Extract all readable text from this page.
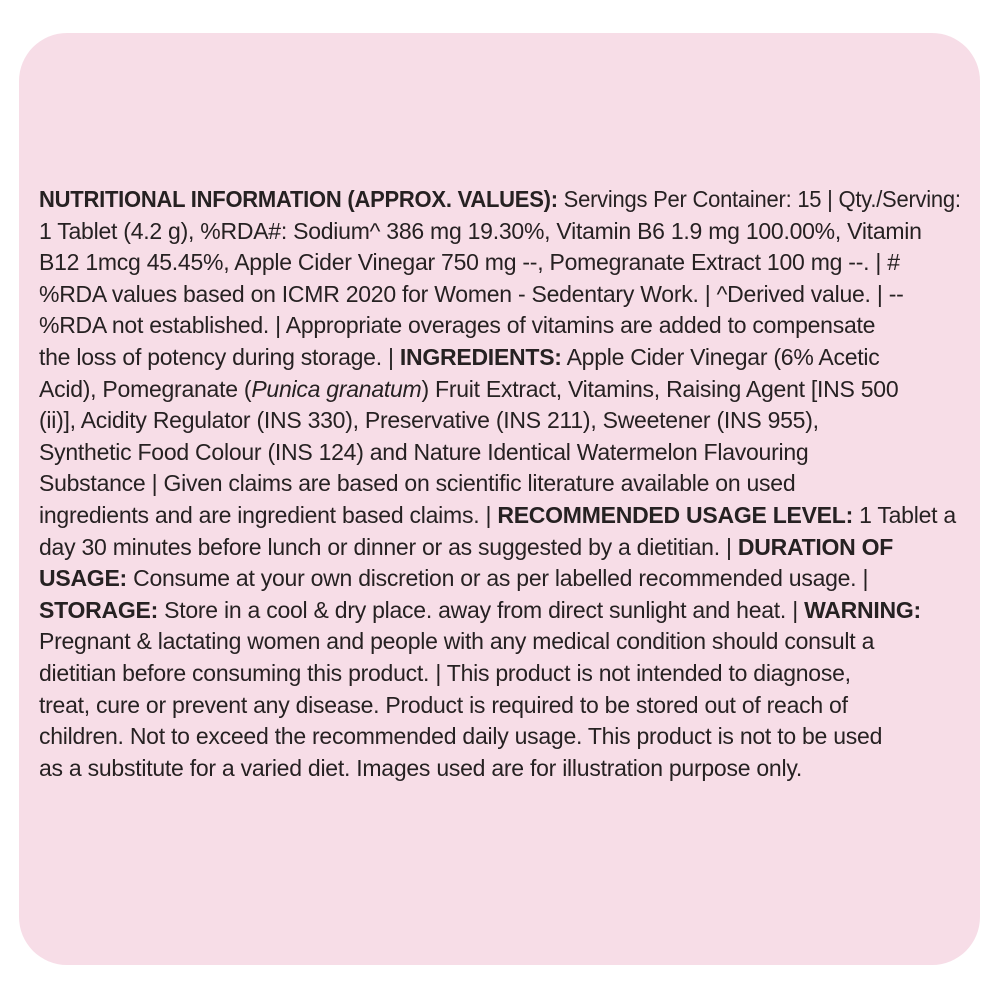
NUTRITIONAL INFORMATION (APPROX. VALUES): Servings Per Container: 15 | Qty./Serving:
1 Tablet (4.2 g), %RDA#: Sodium^ 386 mg 19.30%, Vitamin B6 1.9 mg 100.00%, Vitamin
B12 1mcg 45.45%, Apple Cider Vinegar 750 mg --, Pomegranate Extract 100 mg --. | #
%RDA values based on ICMR 2020 for Women - Sedentary Work. | ^Derived value. | --
%RDA not established. | Appropriate overages of vitamins are added to compensate
the loss of potency during storage. | INGREDIENTS: Apple Cider Vinegar (6% Acetic
Acid), Pomegranate (Punica granatum) Fruit Extract, Vitamins, Raising Agent [INS 500
(ii)], Acidity Regulator (INS 330), Preservative (INS 211), Sweetener (INS 955),
Synthetic Food Colour (INS 124) and Nature Identical Watermelon Flavouring
Substance | Given claims are based on scientific literature available on used
ingredients and are ingredient based claims. | RECOMMENDED USAGE LEVEL: 1 Tablet a
day 30 minutes before lunch or dinner or as suggested by a dietitian. | DURATION OF
USAGE: Consume at your own discretion or as per labelled recommended usage. |
STORAGE: Store in a cool & dry place. away from direct sunlight and heat. | WARNING:
Pregnant & lactating women and people with any medical condition should consult a
dietitian before consuming this product. | This product is not intended to diagnose,
treat, cure or prevent any disease. Product is required to be stored out of reach of
children. Not to exceed the recommended daily usage. This product is not to be used
as a substitute for a varied diet. Images used are for illustration purpose only.
